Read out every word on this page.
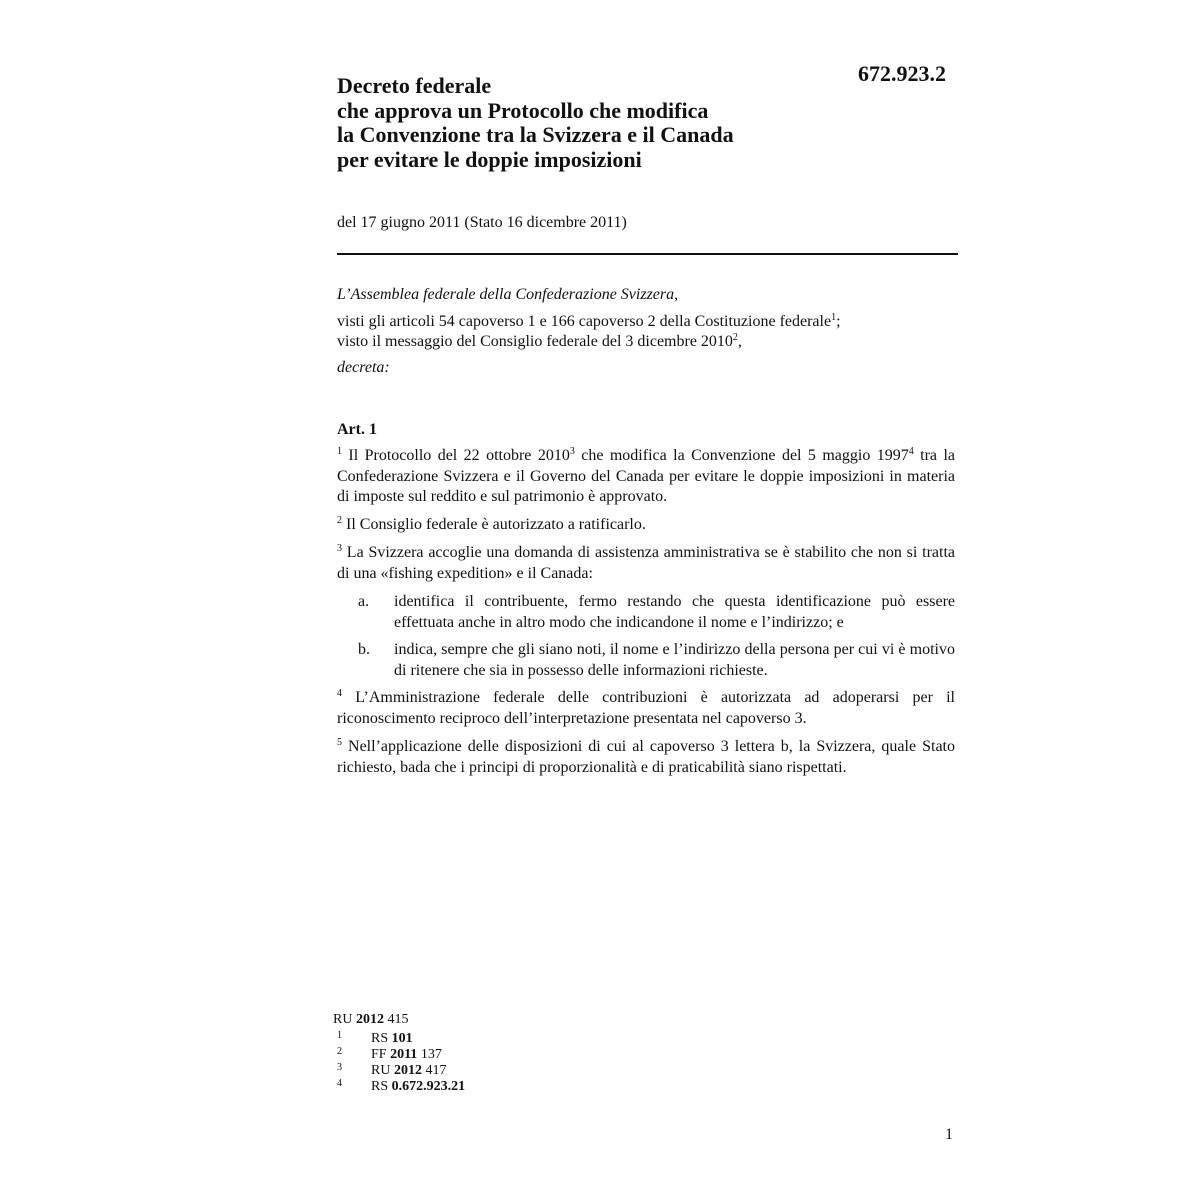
672.923.2
Decreto federale
che approva un Protocollo che modifica
la Convenzione tra la Svizzera e il Canada
per evitare le doppie imposizioni
del 17 giugno 2011 (Stato 16 dicembre 2011)
L’Assemblea federale della Confederazione Svizzera,
visti gli articoli 54 capoverso 1 e 166 capoverso 2 della Costituzione federale$^1$;
visto il messaggio del Consiglio federale del 3 dicembre 2010$^2$,
decreta:
Art. 1
$^1$ Il Protocollo del 22 ottobre 2010$^3$ che modifica la Convenzione del 5 maggio 1997$^4$ tra la Confederazione Svizzera e il Governo del Canada per evitare le doppie imposizioni in materia di imposte sul reddito e sul patrimonio è approvato.
$^2$ Il Consiglio federale è autorizzato a ratificarlo.
$^3$ La Svizzera accoglie una domanda di assistenza amministrativa se è stabilito che non si tratta di una «fishing expedition» e il Canada:
a. identifica il contribuente, fermo restando che questa identificazione può essere effettuata anche in altro modo che indicandone il nome e l’indirizzo; e
b. indica, sempre che gli siano noti, il nome e l’indirizzo della persona per cui vi è motivo di ritenere che sia in possesso delle informazioni richieste.
$^4$ L’Amministrazione federale delle contribuzioni è autorizzata ad adoperarsi per il riconoscimento reciproco dell’interpretazione presentata nel capoverso 3.
$^5$ Nell’applicazione delle disposizioni di cui al capoverso 3 lettera b, la Svizzera, quale Stato richiesto, bada che i principi di proporzionalità e di praticabilità siano rispettati.
RU 2012 415
1 RS 101
2 FF 2011 137
3 RU 2012 417
4 RS 0.672.923.21
1
